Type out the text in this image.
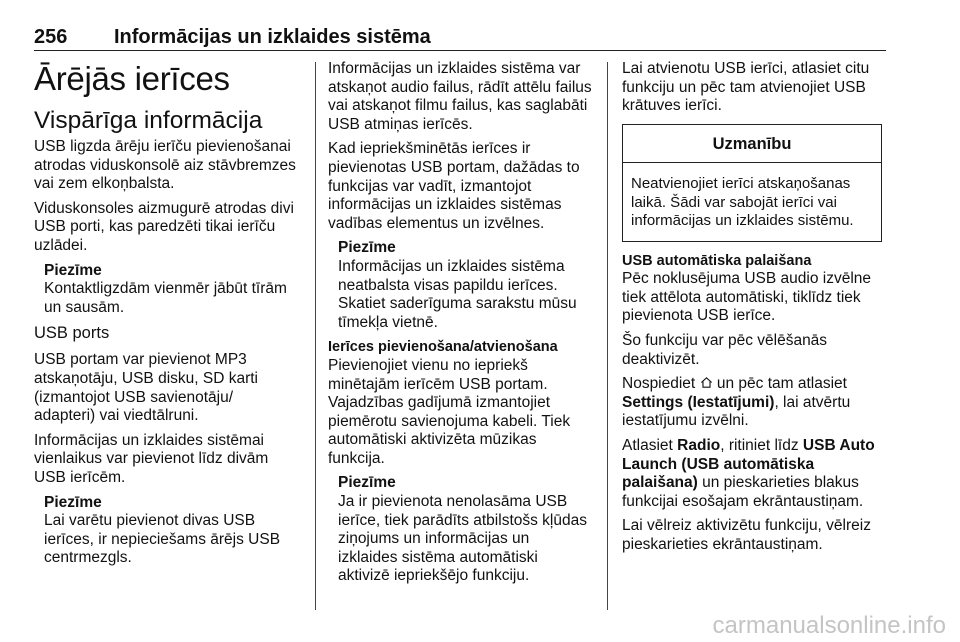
256 Informācijas un izklaides sistēma
Ārējās ierīces
Vispārīga informācija

USB ligzda ārēju ierīču pievienošanai atrodas viduskonsolē aiz stāvbremzes vai zem elkoņbalsta.

Viduskonsoles aizmugurē atrodas divi USB porti, kas paredzēti tikai ierīču uzlādei.

Piezīme
Kontaktligzdām vienmēr jābūt tīrām un sausām.
USB ports

USB portam var pievienot MP3 atskaņotāju, USB disku, SD karti (izmantojot USB savienotāju/ adapteri) vai viedtālruni.

Informācijas un izklaides sistēmai vienlaikus var pievienot līdz divām USB ierīcēm.

Piezīme
Lai varētu pievienot divas USB ierīces, ir nepieciešams ārējs USB centrmezgls.

Informācijas un izklaides sistēma var atskaņot audio failus, rādīt attēlu failus vai atskaņot filmu failus, kas saglabāti USB atmiņas ierīcēs.

Kad iepriekšminētās ierīces ir pievienotas USB portam, dažādas to funkcijas var vadīt, izmantojot informācijas un izklaides sistēmas vadības elementus un izvēlnes.

Piezīme
Informācijas un izklaides sistēma neatbalsta visas papildu ierīces. Skatiet saderīguma sarakstu mūsu tīmekļa vietnē.
Ierīces pievienošana/atvienošana

Pievienojiet vienu no iepriekš minētajām ierīcēm USB portam. Vajadzības gadījumā izmantojiet piemērotu savienojuma kabeli. Tiek automātiski aktivizēta mūzikas funkcija.

Piezīme
Ja ir pievienota nenolasāma USB ierīce, tiek parādīts atbilstošs kļūdas ziņojums un informācijas un izklaides sistēma automātiski aktivizē iepriekšējo funkciju.

Lai atvienotu USB ierīci, atlasiet citu funkciju un pēc tam atvienojiet USB krātuves ierīci.

Uzmanību
Neatvienojiet ierīci atskaņošanas laikā. Šādi var sabojāt ierīci vai informācijas un izklaides sistēmu.
USB automātiska palaišana

Pēc noklusējuma USB audio izvēlne tiek attēlota automātiski, tiklīdz tiek pievienota USB ierīce.

Šo funkciju var pēc vēlēšanās deaktivizēt.

Nospiediet un pēc tam atlasiet
Settings (Iestatījumi), lai atvērtu iestatījumu izvēlni.

Atlasiet Radio, ritiniet līdz USB Auto Launch (USB automātiska palaišana) un pieskarieties blakus funkcijai esošajam ekrāntaustiņam.

Lai vēlreiz aktivizētu funkciju, vēlreiz pieskarieties ekrāntaustiņam.

carmanualsonline.info
